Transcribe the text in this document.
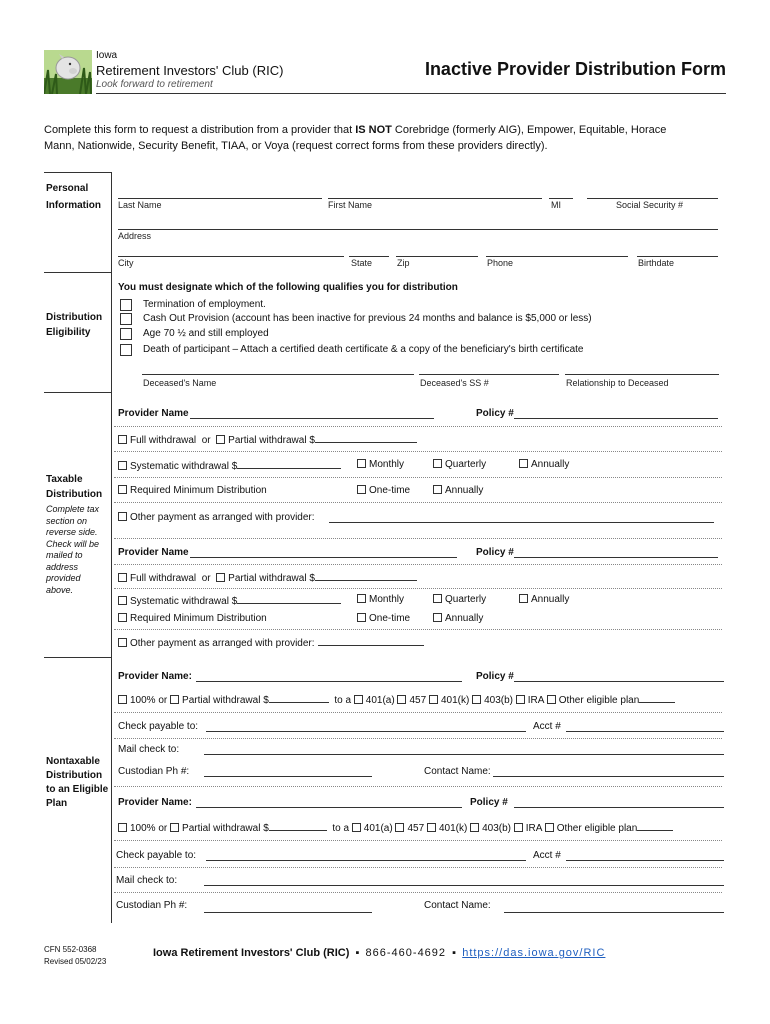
Iowa
Retirement Investors' Club (RIC)
Look forward to retirement
Inactive Provider Distribution Form
Complete this form to request a distribution from a provider that IS NOT Corebridge (formerly AIG), Empower, Equitable, Horace
Mann, Nationwide, Security Benefit, TIAA, or Voya (request correct forms from these providers directly).
Personal
Information Last Name	First Name	MI	Social Security #
Address
City	State	Zip	Phone	Birthdate
Distribution
Eligibility
You must designate which of the following qualifies you for distribution
Termination of employment.
Cash Out Provision (account has been inactive for previous 24 months and balance is $5,000 or less)
Age 70 ½ and still employed
Death of participant – Attach a certified death certificate & a copy of the beneficiary's birth certificate
Deceased's Name	Deceased's SS #	Relationship to Deceased
Taxable
Distribution
Complete tax
section on
reverse side.
Check will be
mailed to
address
provided
above.
Provider Name	Policy #
Full withdrawal or Partial withdrawal $
Systematic withdrawal $	Monthly	Quarterly	Annually
Required Minimum Distribution	One-time	Annually
Other payment as arranged with provider:
Provider Name	Policy #
Full withdrawal or Partial withdrawal $
Systematic withdrawal $	Monthly	Quarterly	Annually
Required Minimum Distribution	One-time	Annually
Other payment as arranged with provider:
Nontaxable
Distribution
to an Eligible
Plan
Provider Name:	Policy #
100% or Partial withdrawal $	to a 401(a) 457 401(k) 403(b) IRA Other eligible plan
Check payable to:	Acct #
Mail check to:
Custodian Ph #:	Contact Name:
Provider Name:	Policy #
100% or Partial withdrawal $	to a 401(a) 457 401(k) 403(b) IRA Other eligible plan
Check payable to:	Acct #
Mail check to:
Custodian Ph #:	Contact Name:
CFN 552-0368
Revised 05/02/23
Iowa Retirement Investors' Club (RIC) ▪ 866-460-4692 ▪ https://das.iowa.gov/RIC
